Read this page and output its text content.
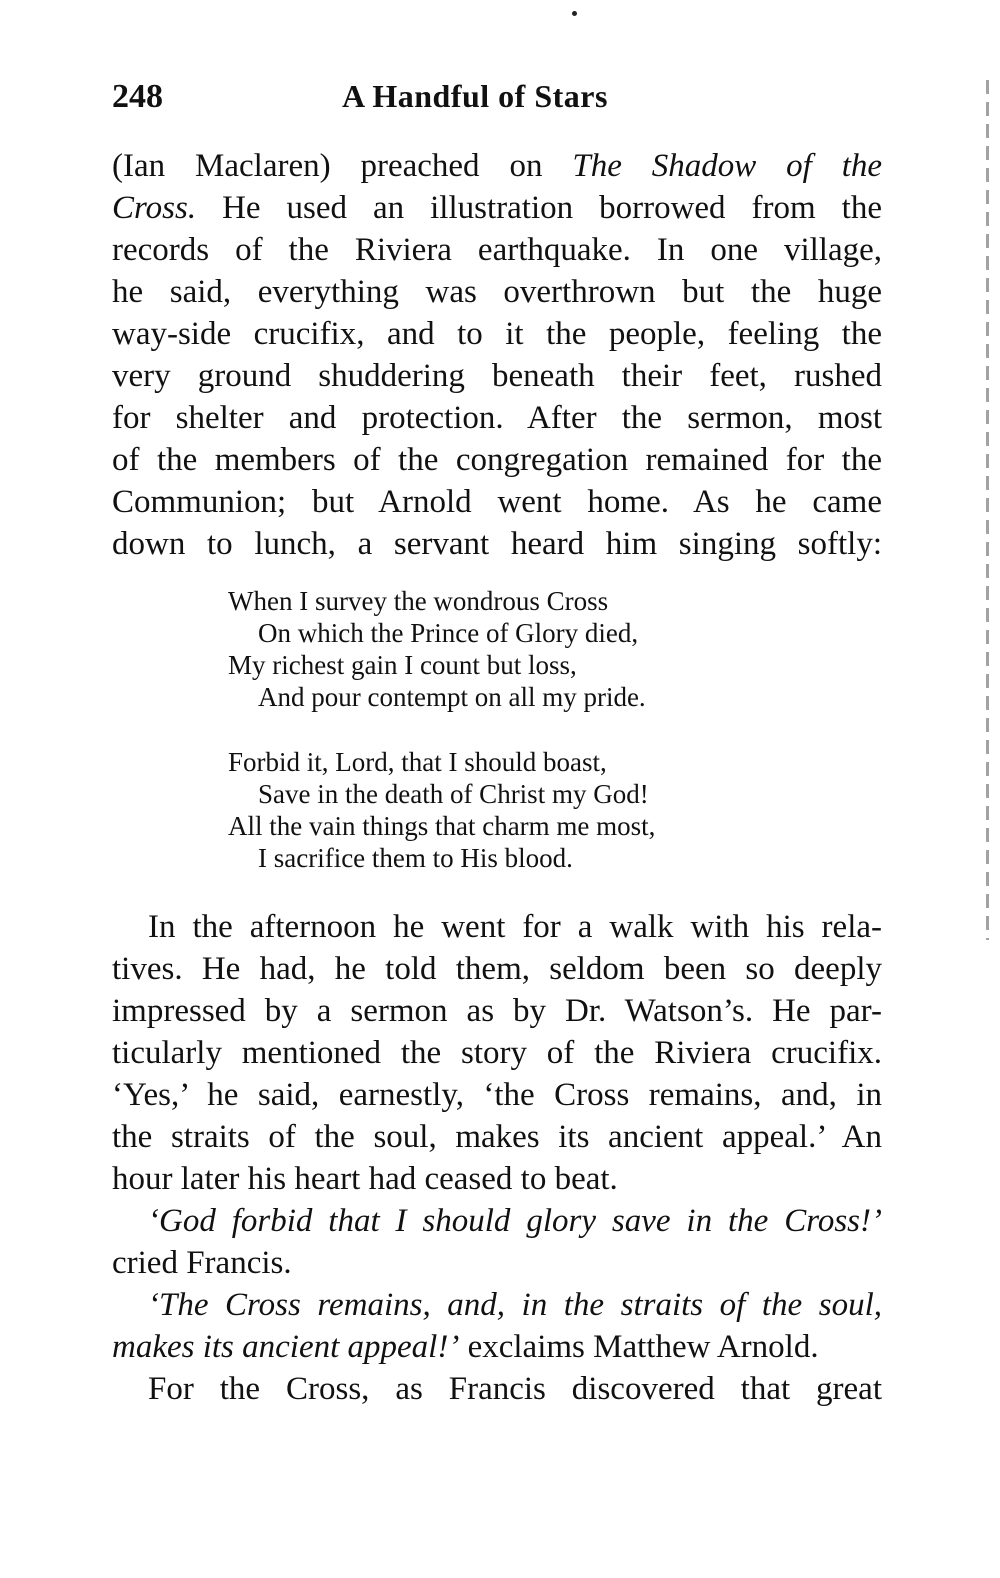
248	A Handful of Stars
(Ian Maclaren) preached on The Shadow of the
Cross. He used an illustration borrowed from the
records of the Riviera earthquake. In one village,
he said, everything was overthrown but the huge
way-side crucifix, and to it the people, feeling the
very ground shuddering beneath their feet, rushed
for shelter and protection. After the sermon, most
of the members of the congregation remained for the
Communion; but Arnold went home. As he came
down to lunch, a servant heard him singing softly:
When I survey the wondrous Cross
On which the Prince of Glory died,
My richest gain I count but loss,
And pour contempt on all my pride.
Forbid it, Lord, that I should boast,
Save in the death of Christ my God!
All the vain things that charm me most,
I sacrifice them to His blood.
In the afternoon he went for a walk with his rela-
tives. He had, he told them, seldom been so deeply
impressed by a sermon as by Dr. Watson’s. He par-
ticularly mentioned the story of the Riviera crucifix.
‘Yes,’ he said, earnestly, ‘the Cross remains, and, in
the straits of the soul, makes its ancient appeal.’ An
hour later his heart had ceased to beat.
‘God forbid that I should glory save in the Cross!’
cried Francis.
‘The Cross remains, and, in the straits of the soul,
makes its ancient appeal!’ exclaims Matthew Arnold.
For the Cross, as Francis discovered that great
